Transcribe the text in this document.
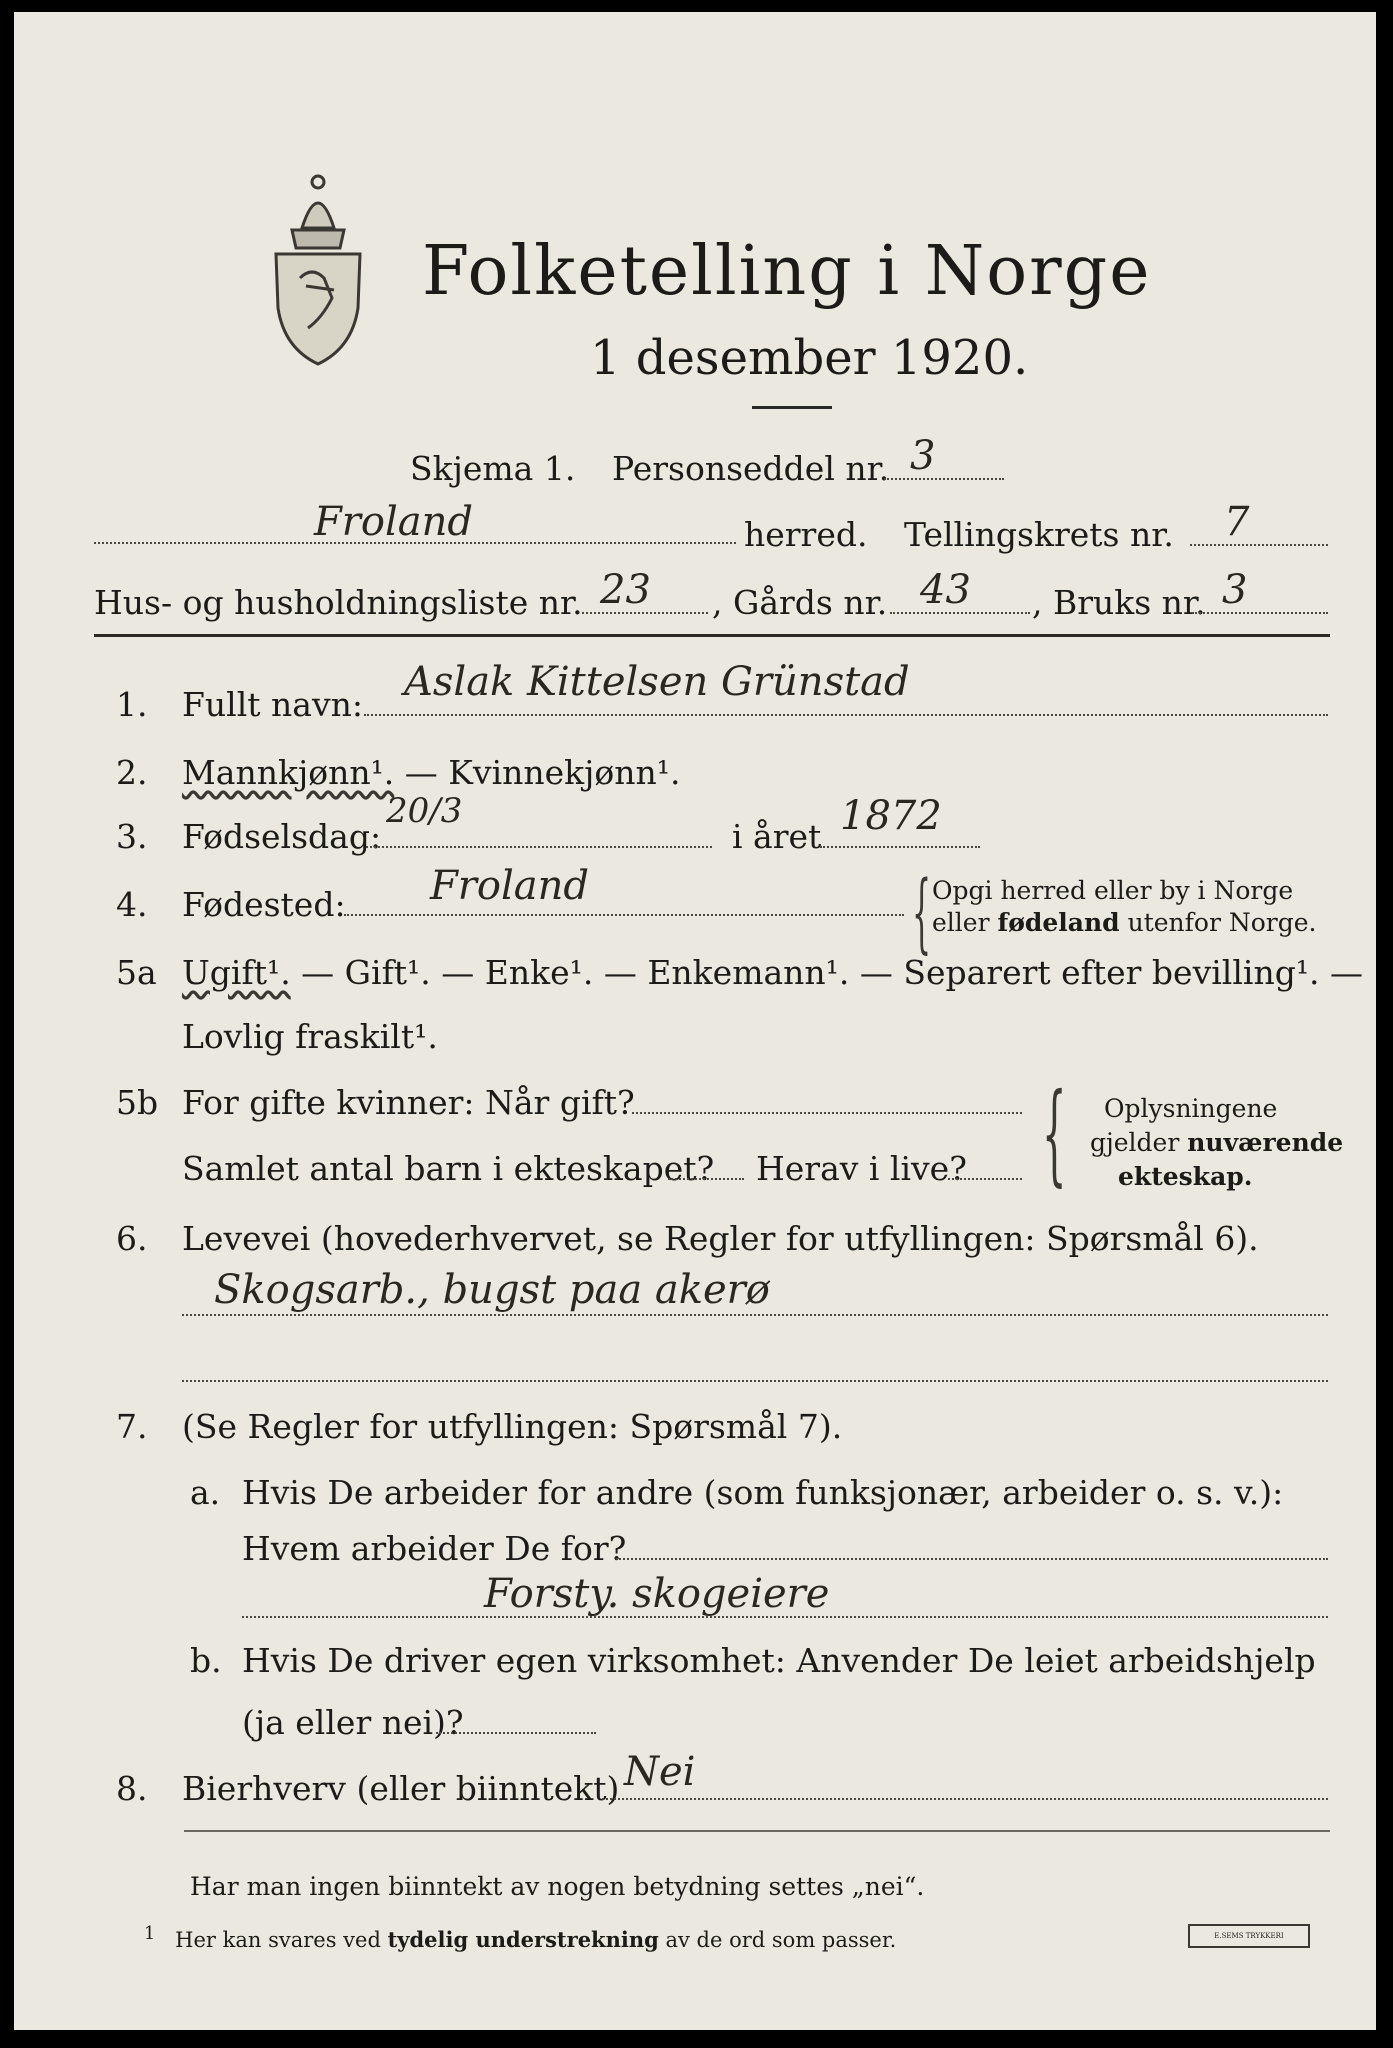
Folketelling i Norge
1 desember 1920.
Skjema 1. Personseddel nr. 3
Froland	herred. Tellingskrets nr. 7
Hus- og husholdningsliste nr. 23 , Gårds nr. 43 , Bruks nr. 3
1. Fullt navn: Aslak Kittelsen Grünstad
2. Mannkjønn¹. — Kvinnekjønn¹.
3. Fødselsdag:
20/3
i året 1872
4. Fødested: Froland	{ Opgi herred eller by i Norge
eller fødeland utenfor Norge.
5a Ugift¹. — Gift¹. — Enke¹. — Enkemann¹. — Separert efter bevilling¹. —
Lovlig fraskilt¹.
5b For gifte kvinner: Når gift?
Samlet antal barn i ekteskapet? Herav i live? { Oplysningene
gjelder nuværende
ekteskap.
6. Levevei (hovederhvervet, se Regler for utfyllingen: Spørsmål 6).
Skogsarb., bugst paa akerø
7. (Se Regler for utfyllingen: Spørsmål 7).
a. Hvis De arbeider for andre (som funksjonær, arbeider o. s. v.):
Hvem arbeider De for?
Forsty. skogeiere
b. Hvis De driver egen virksomhet: Anvender De leiet arbeidshjelp
(ja eller nei)?
8. Bierhverv (eller biinntekt) Nei
Har man ingen biinntekt av nogen betydning settes „nei“.
$^1$ Her kan svares ved tydelig understrekning av de ord som passer.	E.SEMS TRYKKERI
